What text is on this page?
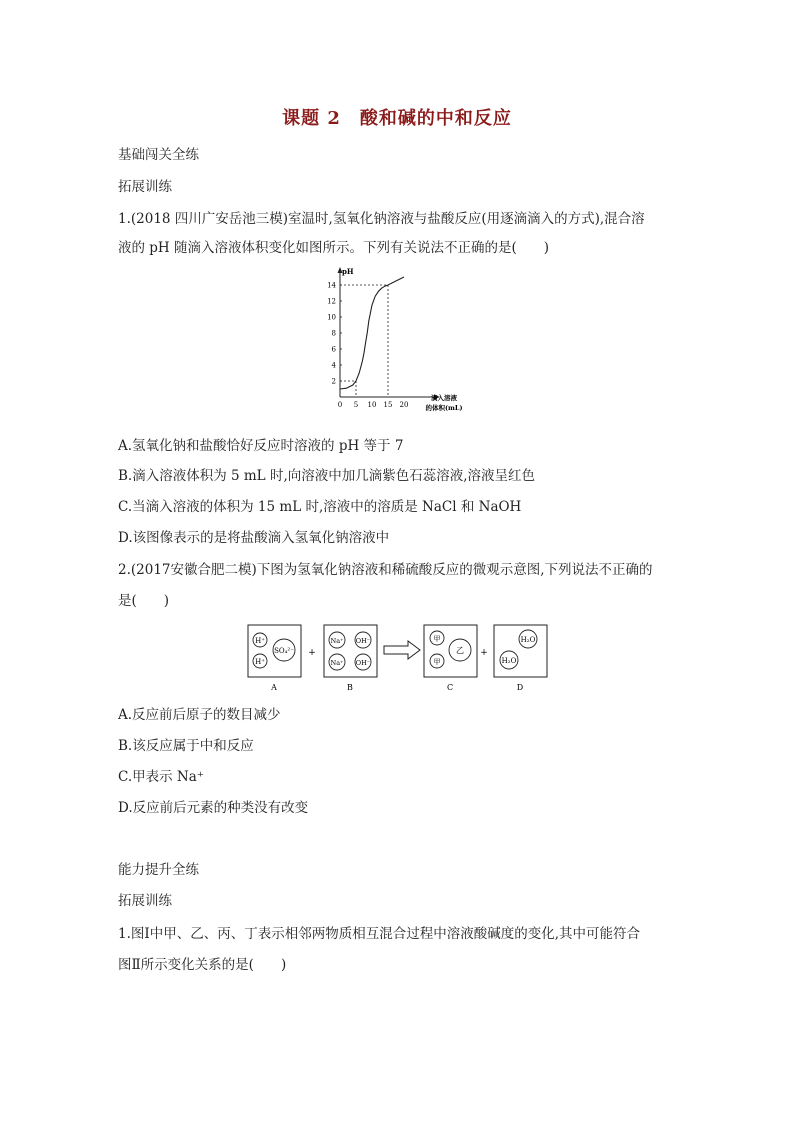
课题 2　酸和碱的中和反应
基础闯关全练
拓展训练
1.(2018 四川广安岳池三模)室温时,氢氧化钠溶液与盐酸反应(用逐滴滴入的方式),混合溶
液的 pH 随滴入溶液体积变化如图所示。下列有关说法不正确的是(　　)
pH
2
4
6
8
10
12
14
0 5 10 15 20
滴入溶液
的体积(mL)
A.氢氧化钠和盐酸恰好反应时溶液的 pH 等于 7
B.滴入溶液体积为 5 mL 时,向溶液中加几滴紫色石蕊溶液,溶液呈红色
C.当滴入溶液的体积为 15 mL 时,溶液中的溶质是 NaCl 和 NaOH
D.该图像表示的是将盐酸滴入氢氧化钠溶液中
2.(2017安徽合肥二模)下图为氢氧化钠溶液和稀硫酸反应的微观示意图,下列说法不正确的
是(　　)
H⁺
H⁺
SO₄²⁻
A
+
Na⁺ OH⁻
Na⁺ OH⁻
B
甲
甲
乙
C
+
H₂O
H₂O
D
A.反应前后原子的数目减少
B.该反应属于中和反应
C.甲表示 Na⁺
D.反应前后元素的种类没有改变
能力提升全练
拓展训练
1.图Ⅰ中甲、乙、丙、丁表示相邻两物质相互混合过程中溶液酸碱度的变化,其中可能符合
图Ⅱ所示变化关系的是(　　)
